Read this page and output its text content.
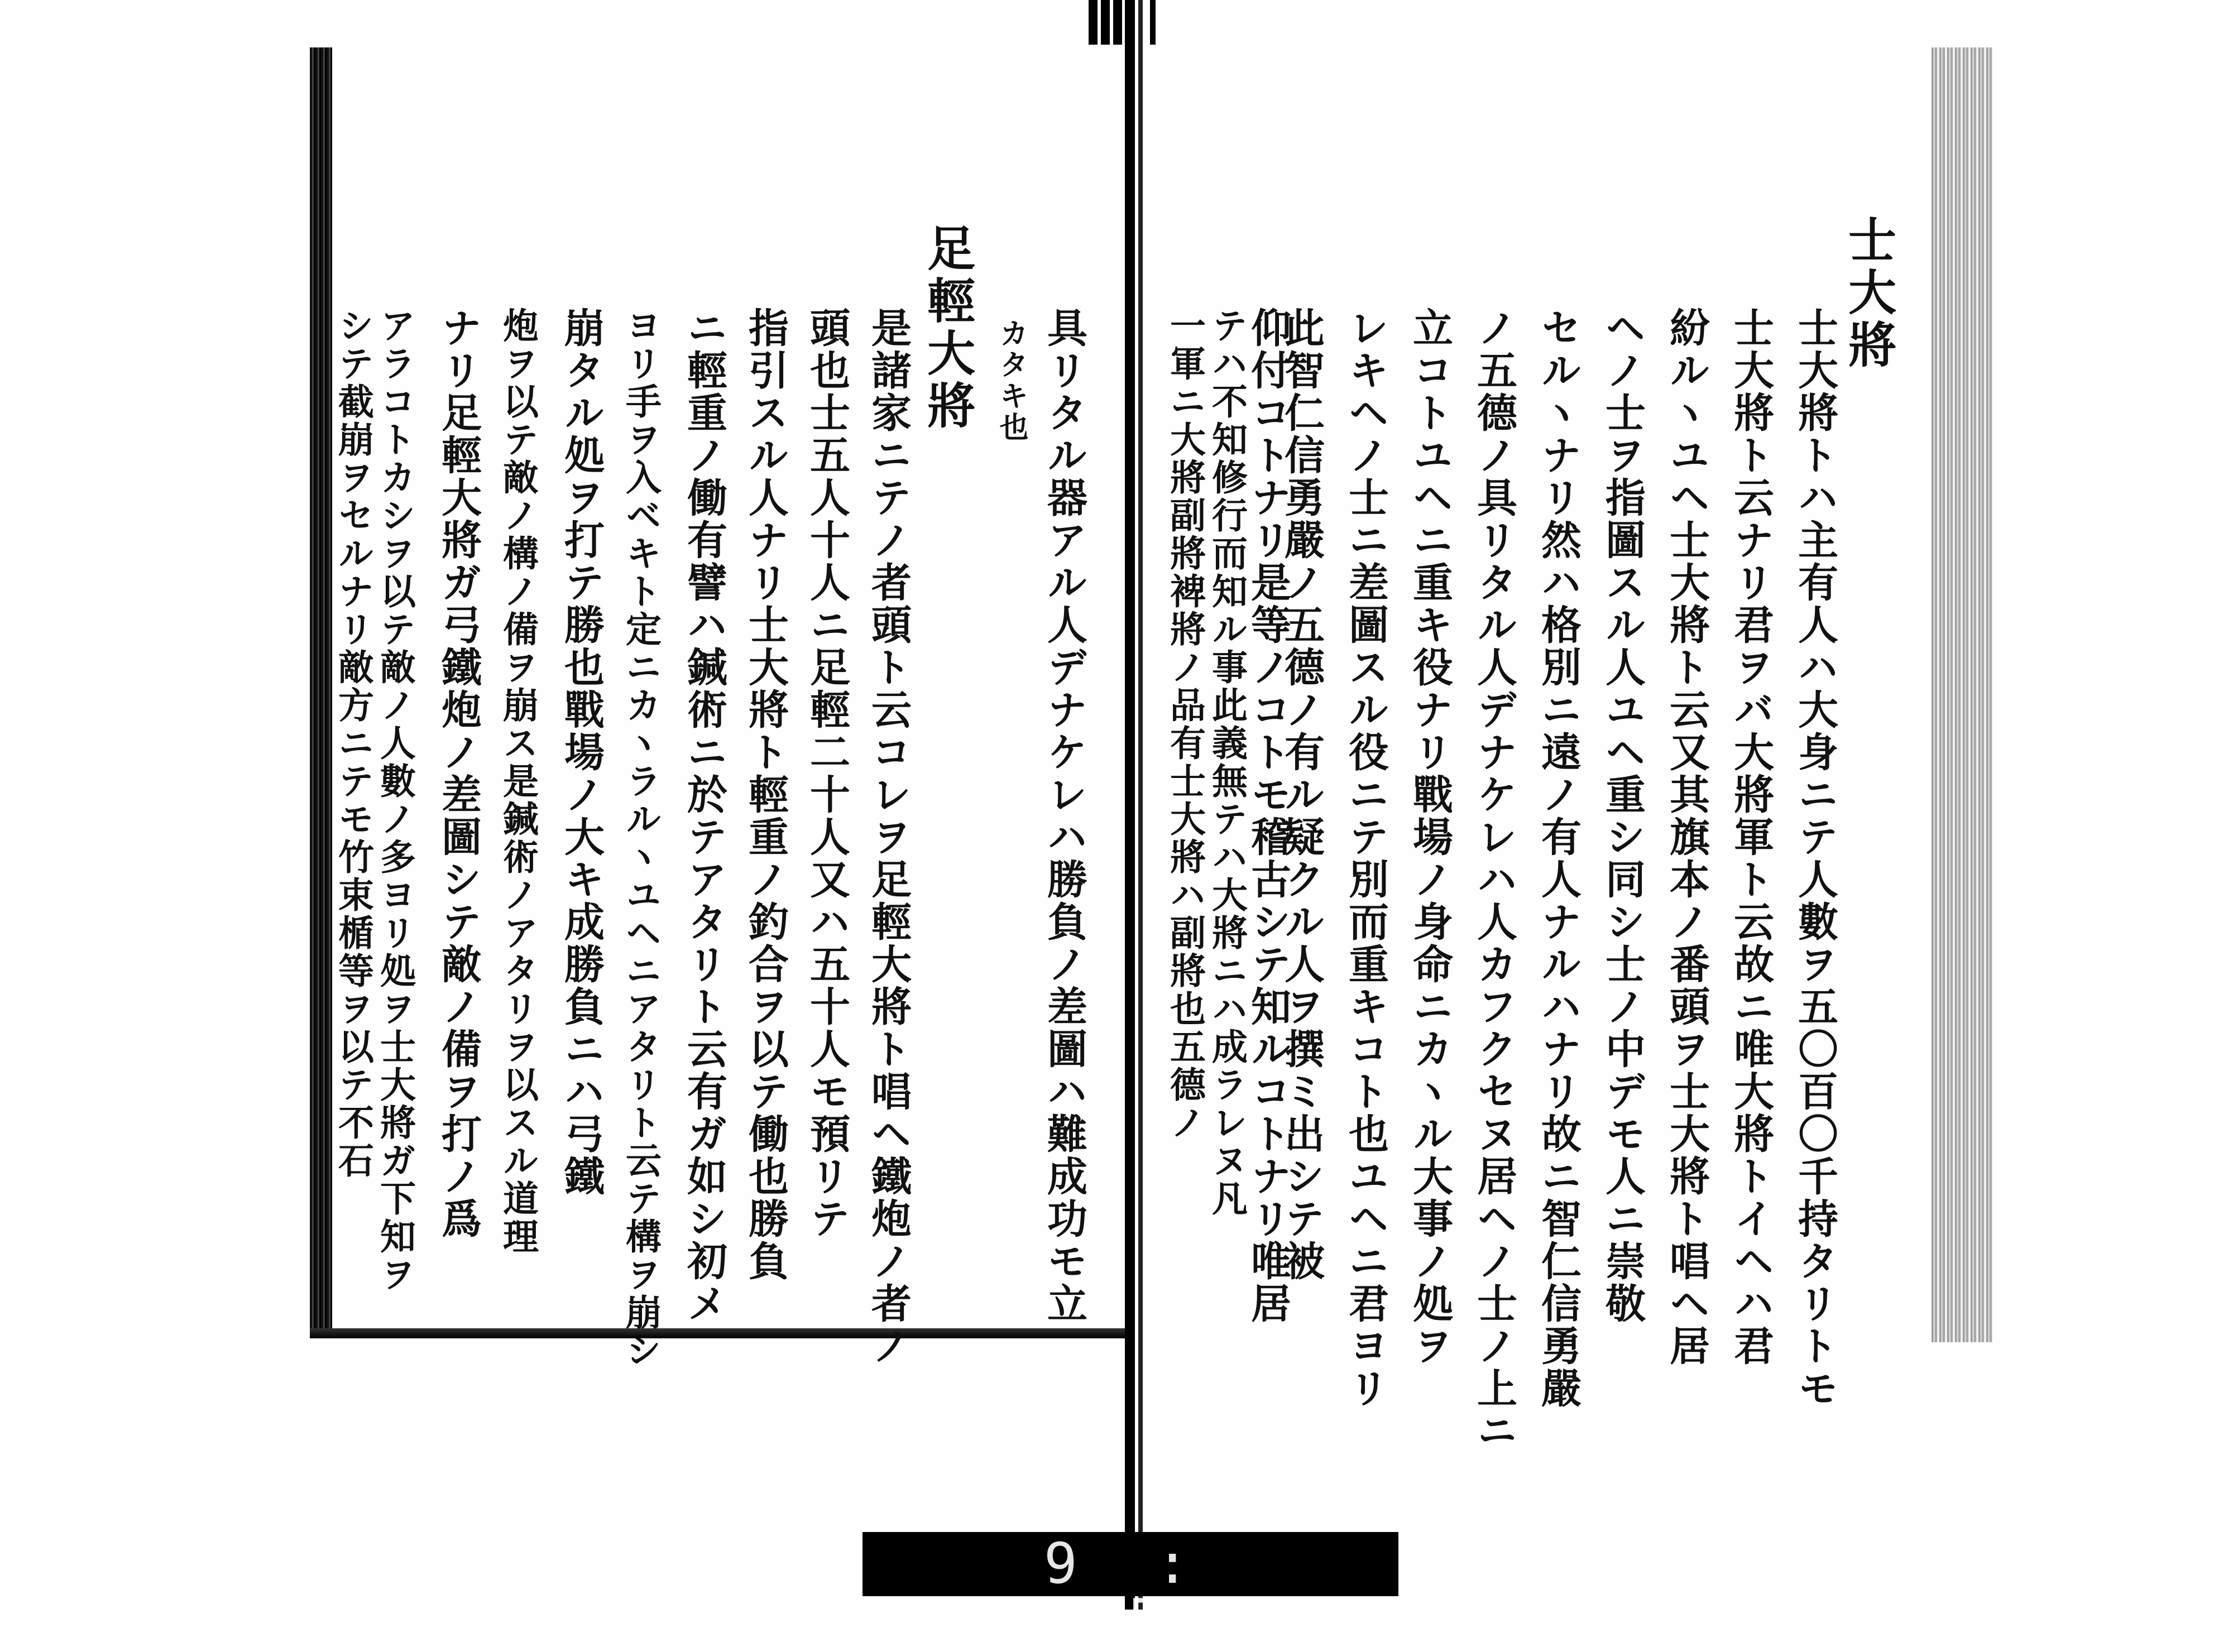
士大將
士大將トハ主有人ハ大身ニテ人數ヲ五〇百〇千持タリトモ
士大將ト云ナリ君ヲバ大將軍ト云故ニ唯大將トイヘハ君
紛ルヽユヘ士大將ト云又其旗本ノ番頭ヲ士大將ト唱ヘ居
ヘノ士ヲ指圖スル人ユヘ重シ同シ士ノ中デモ人ニ崇敬
セルヽナリ然ハ格別ニ遠ノ有人ナルハナリ故ニ智仁信勇嚴
ノ五德ノ具リタル人デナケレハ人カフクセヌ居ヘノ士ノ上ニ
立コトユヘニ重キ役ナリ戰場ノ身命ニカヽル大事ノ処ヲ
レキヘノ士ニ差圖スル役ニテ別而重キコト也ユヘニ君ヨリ
此智仁信勇嚴ノ五德ノ有ル疑クル人ヲ撰ミ出シテ被
仰付コトナリ是等ノコトモ稽古シテ知ルコトナリ唯居
テハ不知修行而知ル事此義無テハ大將ニハ成ラレヌ凡
具リタル器アル人デナケレハ勝負ノ差圖ハ難成功モ立
カタキ也
足輕大將
是諸家ニテノ者頭ト云コレヲ足輕大將ト唱ヘ鐵炮ノ者ノ
頭也士五人十人ニ足輕二十人又ハ五十人モ預リテ
指引スル人ナリ士大將ト輕重ノ釣合ヲ以テ働也勝負
ニ輕重ノ働有譬ハ鍼術ニ於テアタリト云有ガ如シ初メ
ヨリ手ヲ入ベキト定ニカヽラルヽユヘニアタリト云テ構ヲ崩シ
崩タル処ヲ打テ勝也戰場ノ大キ成勝負ニハ弓鐵
炮ヲ以テ敵ノ構ノ備ヲ崩ス是鍼術ノアタリヲ以スル道理
ナリ足輕大將ガ弓鐵炮ノ差圖シテ敵ノ備ヲ打ノ爲
アラコトカシヲ以テ敵ノ人數ノ多ヨリ処ヲ士大將ガ下知ヲ
シテ截崩ヲセルナリ敵方ニテモ竹束楯等ヲ以テ不石
9 : 35
一軍ニ大將副將裨將ノ品有士大將ハ副將也五德ノ
